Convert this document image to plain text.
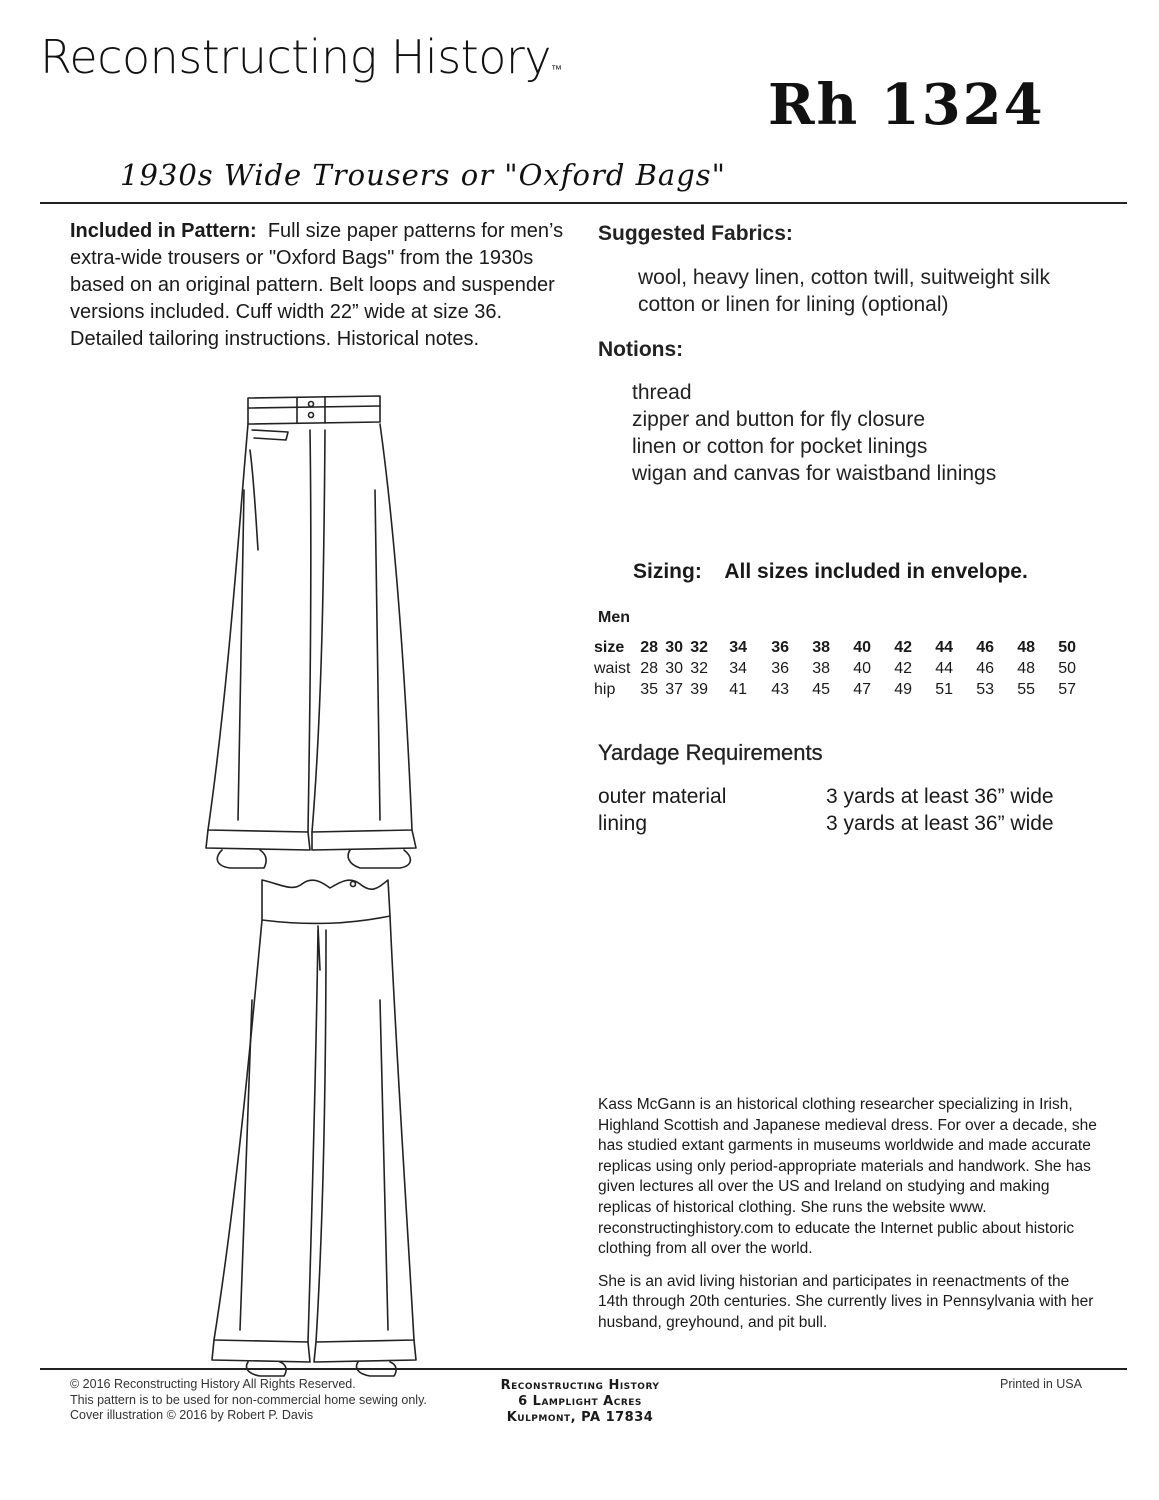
Reconstructing History™
Rh 1324
1930s Wide Trousers or "Oxford Bags"
Included in Pattern: Full size paper patterns for men’s extra-wide trousers or "Oxford Bags" from the 1930s based on an original pattern. Belt loops and suspender versions included. Cuff width 22” wide at size 36. Detailed tailoring instructions. Historical notes.
Suggested Fabrics:
wool, heavy linen, cotton twill, suitweight silk
cotton or linen for lining (optional)
Notions:
thread
zipper and button for fly closure
linen or cotton for pocket linings
wigan and canvas for waistband linings
Sizing: All sizes included in envelope.
Men
size	28	30	32	34	36	38	40	42	44	46	48	50
waist	28	30	32	34	36	38	40	42	44	46	48	50
hip	35	37	39	41	43	45	47	49	51	53	55	57
Yardage Requirements
outer material	3 yards at least 36” wide
lining	3 yards at least 36” wide

Kass McGann is an historical clothing researcher specializing in Irish, Highland Scottish and Japanese medieval dress. For over a decade, she has studied extant garments in museums worldwide and made accurate replicas using only period-appropriate materials and handwork. She has given lectures all over the US and Ireland on studying and making replicas of historical clothing. She runs the website www. reconstructinghistory.com to educate the Internet public about historic clothing from all over the world.

She is an avid living historian and participates in reenactments of the 14th through 20th centuries. She currently lives in Pennsylvania with her husband, greyhound, and pit bull.

© 2016 Reconstructing History All Rights Reserved.
This pattern is to be used for non-commercial home sewing only.
Cover illustration © 2016 by Robert P. Davis
Reconstructing History
6 Lamplight Acres
Kulpmont, PA 17834
Printed in USA
